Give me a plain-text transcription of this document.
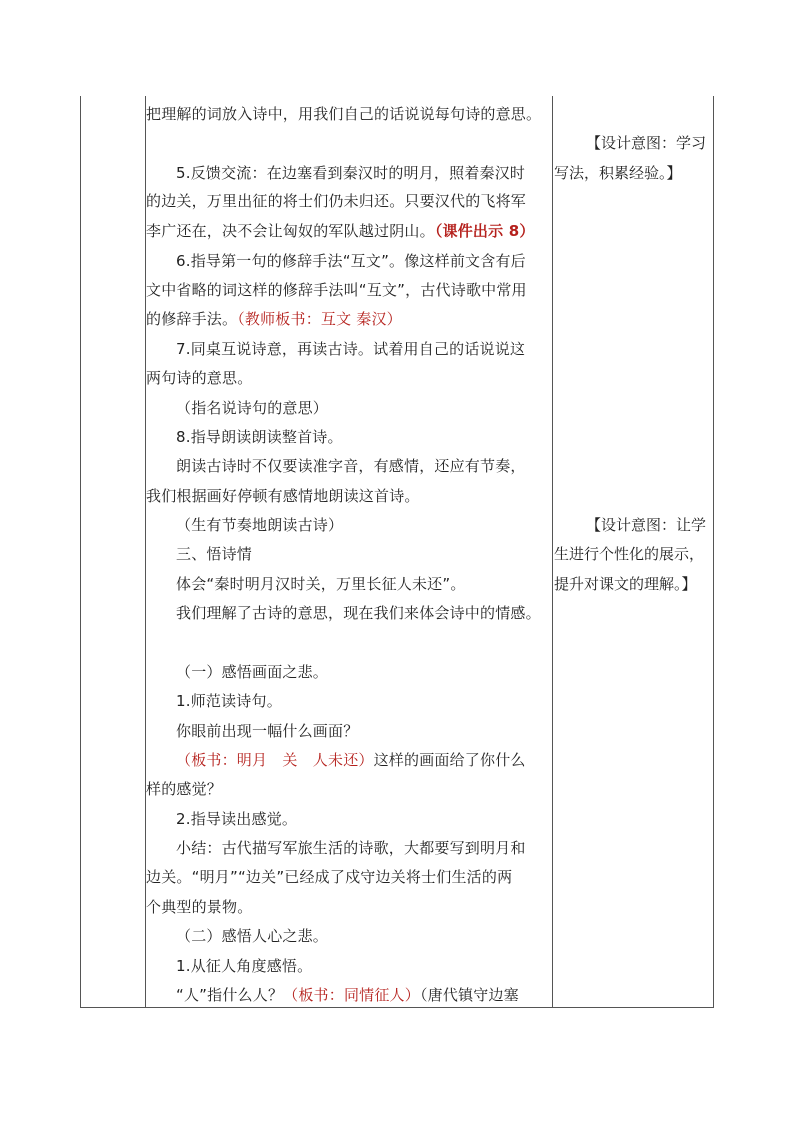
把理解的词放入诗中，用我们自己的话说说每句诗的意思。
5.反馈交流：在边塞看到秦汉时的明月，照着秦汉时
的边关，万里出征的将士们仍未归还。只要汉代的飞将军
李广还在，决不会让匈奴的军队越过阴山。（课件出示 8）
6.指导第一句的修辞手法“互文”。像这样前文含有后
文中省略的词这样的修辞手法叫“互文”，古代诗歌中常用
的修辞手法。（教师板书：互文 秦汉）
7.同桌互说诗意，再读古诗。试着用自己的话说说这
两句诗的意思。
（指名说诗句的意思）
8.指导朗读朗读整首诗。
朗读古诗时不仅要读准字音，有感情，还应有节奏，
我们根据画好停顿有感情地朗读这首诗。
（生有节奏地朗读古诗）
三、悟诗情
体会“秦时明月汉时关，万里长征人未还”。
我们理解了古诗的意思，现在我们来体会诗中的情感。
（一）感悟画面之悲。
1.师范读诗句。
你眼前出现一幅什么画面？
（板书：明月　关　人未还）这样的画面给了你什么
样的感觉？
2.指导读出感觉。
小结：古代描写军旅生活的诗歌，大都要写到明月和
边关。“明月”“边关”已经成了戍守边关将士们生活的两
个典型的景物。
（二）感悟人心之悲。
1.从征人角度感悟。
“人”指什么人？（板书：同情征人）（唐代镇守边塞
【设计意图：学习
写法，积累经验。】
【设计意图：让学
生进行个性化的展示，
提升对课文的理解。】
